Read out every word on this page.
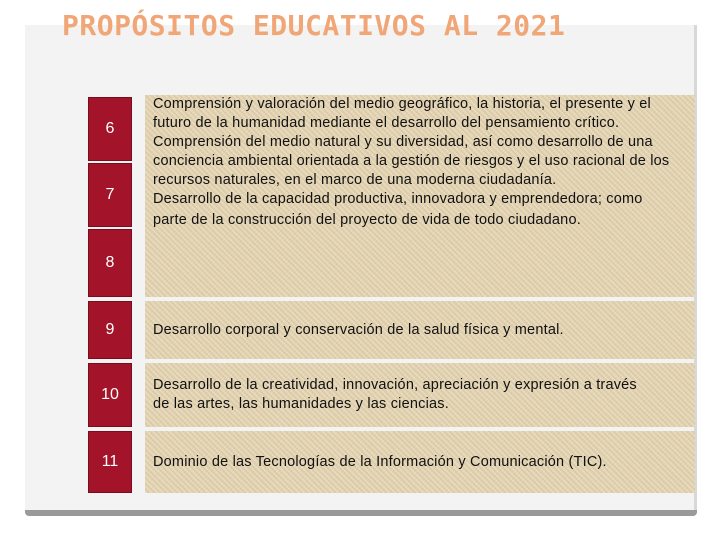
PROPÓSITOS EDUCATIVOS AL 2021
6
7
8
9
10
11
Comprensión y valoración del medio geográfico, la historia, el presente y el futuro de la humanidad mediante el desarrollo del pensamiento crítico.
Comprensión del medio natural y su diversidad, así como desarrollo de una conciencia ambiental orientada a la gestión de riesgos y el uso racional de los recursos naturales, en el marco de una moderna ciudadanía.
Desarrollo de la capacidad productiva, innovadora y emprendedora; como
parte de la construcción del proyecto de vida de todo ciudadano.
Desarrollo corporal y conservación de la salud física y mental.
Desarrollo de la creatividad, innovación, apreciación y expresión a través
de las artes, las humanidades y las ciencias.
Dominio de las Tecnologías de la Información y Comunicación (TIC).
